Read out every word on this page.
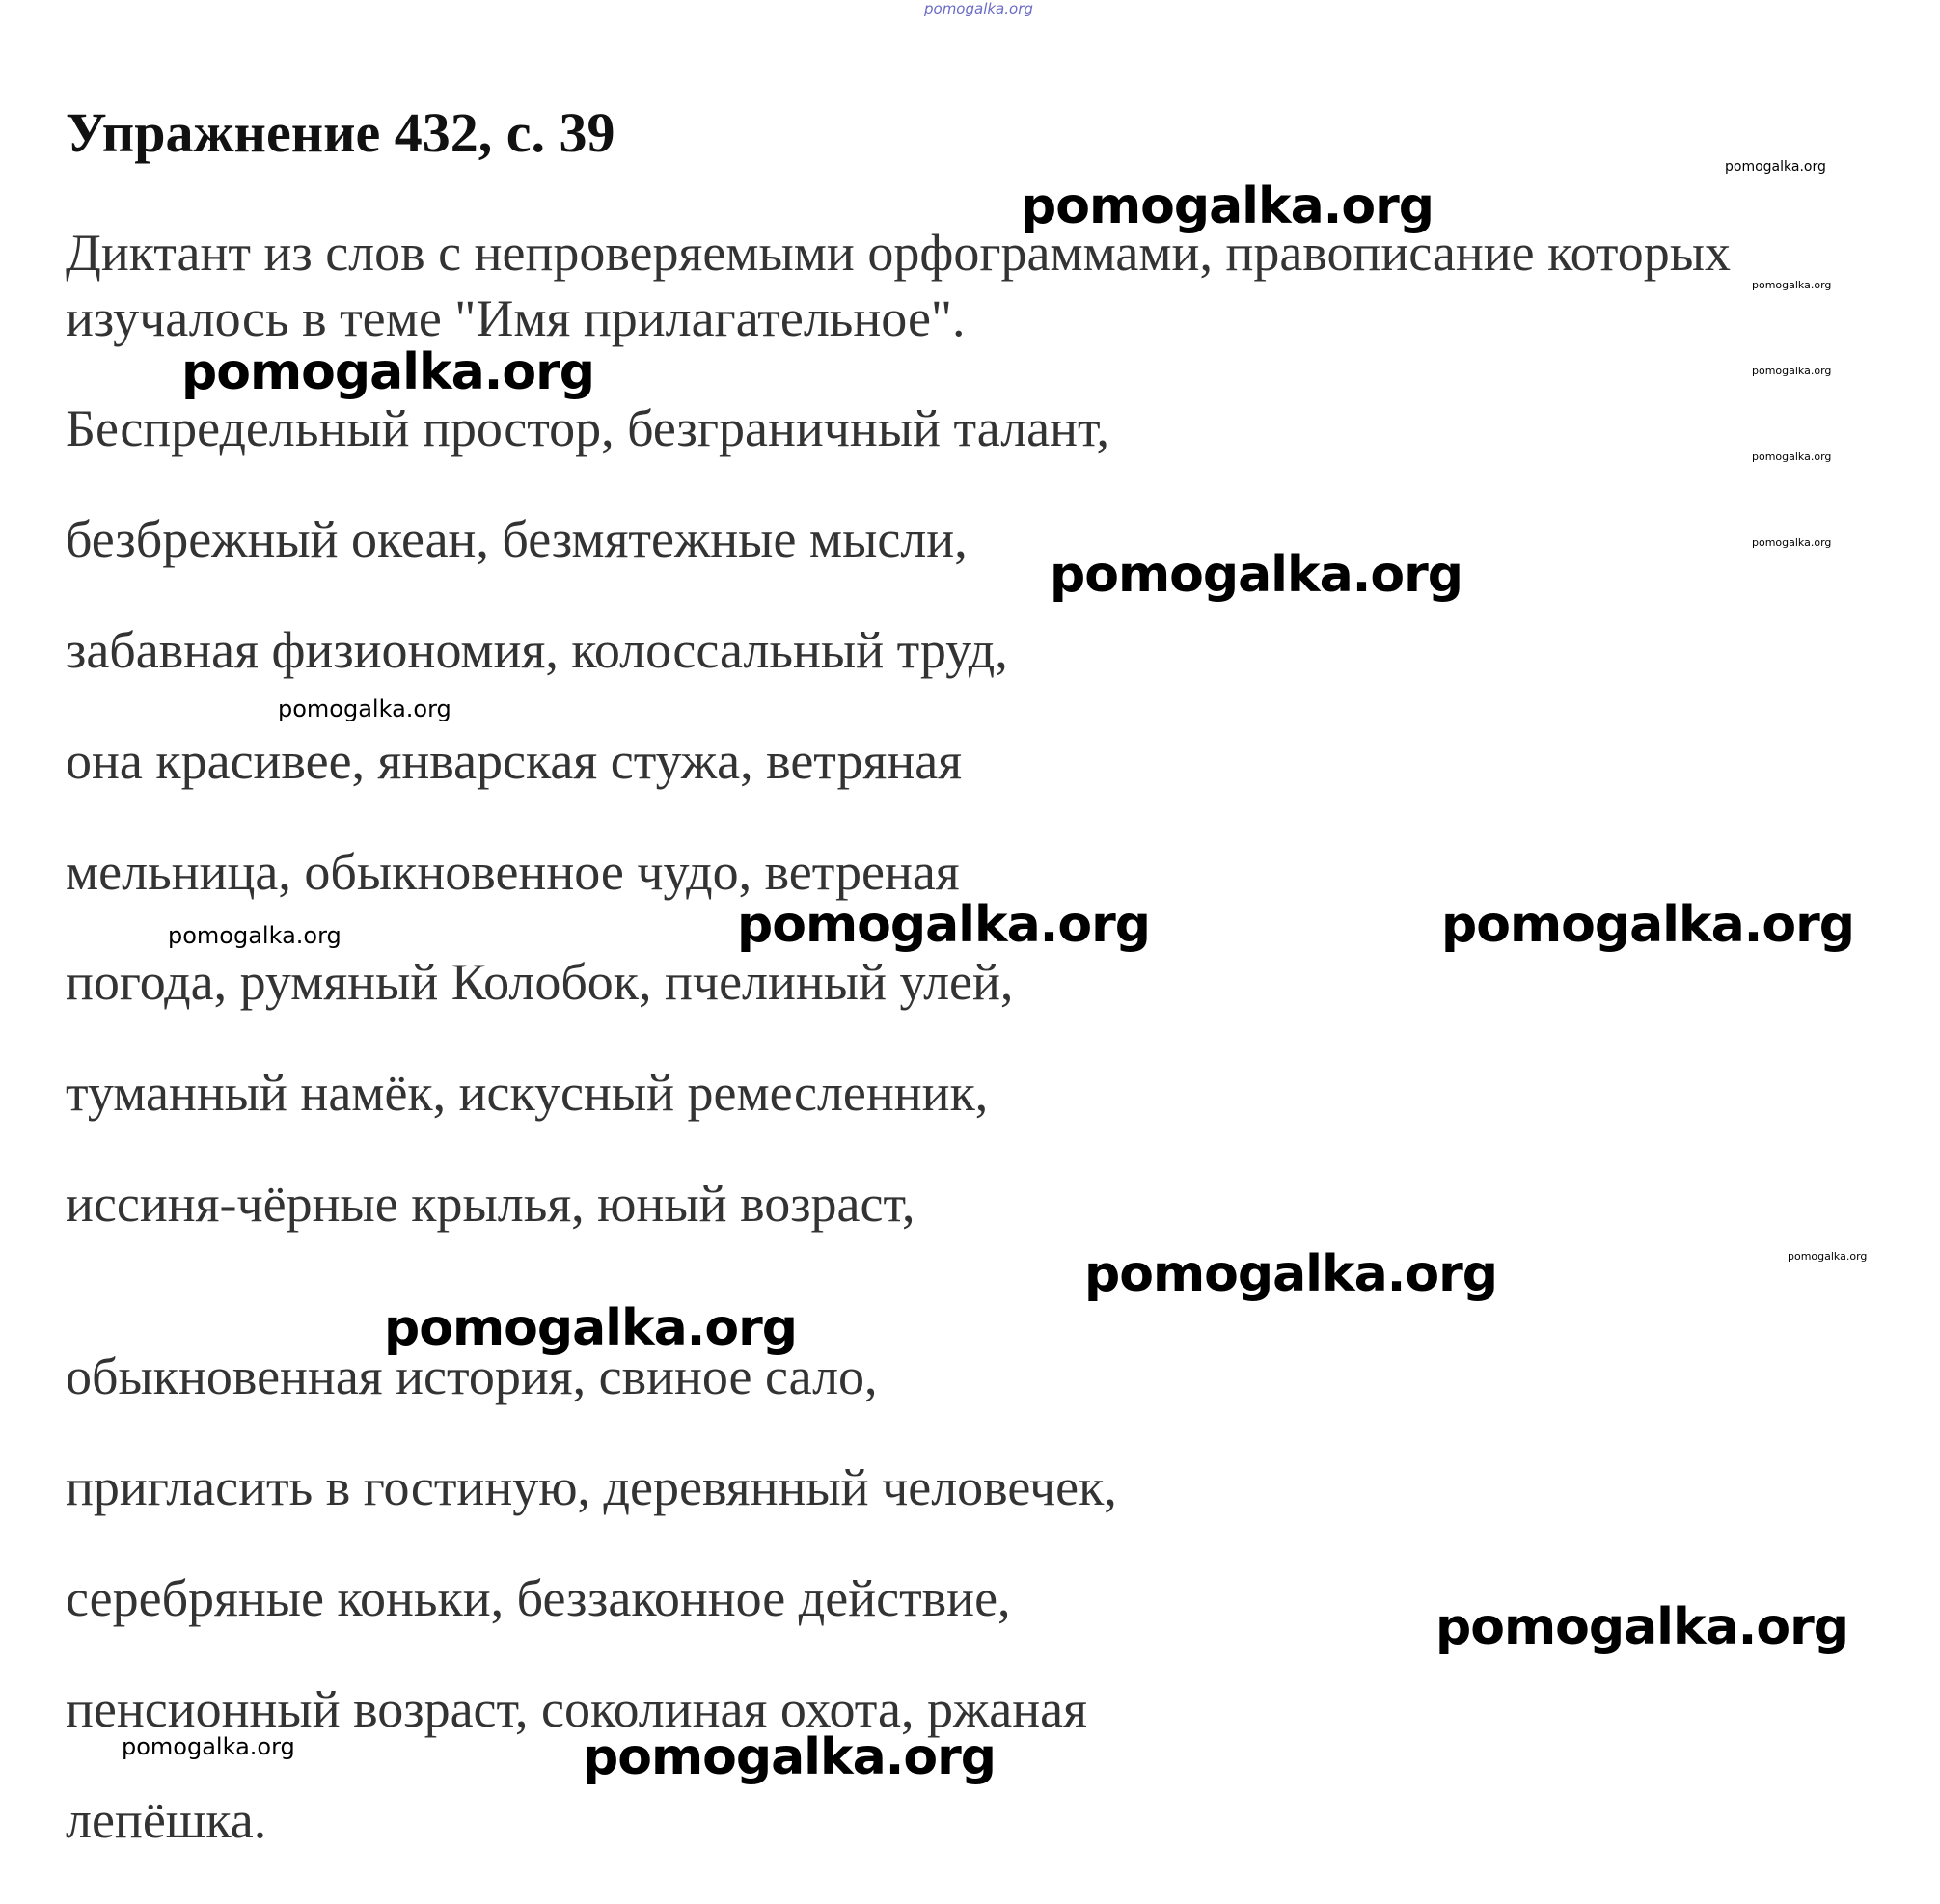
pomogalka.org
Упражнение 432, с. 39
Диктант из слов с непроверяемыми орфограммами, правописание которых изучалось в теме "Имя прилагательное".
Беспредельный простор, безграничный талант,
безбрежный океан, безмятежные мысли,
забавная физиономия, колоссальный труд,
она красивее, январская стужа, ветряная
мельница, обыкновенное чудо, ветреная
погода, румяный Колобок, пчелиный улей,
туманный намёк, искусный ремесленник,
иссиня-чёрные крылья, юный возраст,
обыкновенная история, свиное сало,
пригласить в гостиную, деревянный человечек,
серебряные коньки, беззаконное действие,
пенсионный возраст, соколиная охота, ржаная
лепёшка.
pomogalka.org
pomogalka.org
pomogalka.org
pomogalka.org	pomogalka.org
pomogalka.org
pomogalka.org
pomogalka.org
pomogalka.org
pomogalka.org	pomogalka.org
pomogalka.org
pomogalka.org
pomogalka.org
pomogalka.org
pomogalka.org
pomogalka.org	pomogalka.org
